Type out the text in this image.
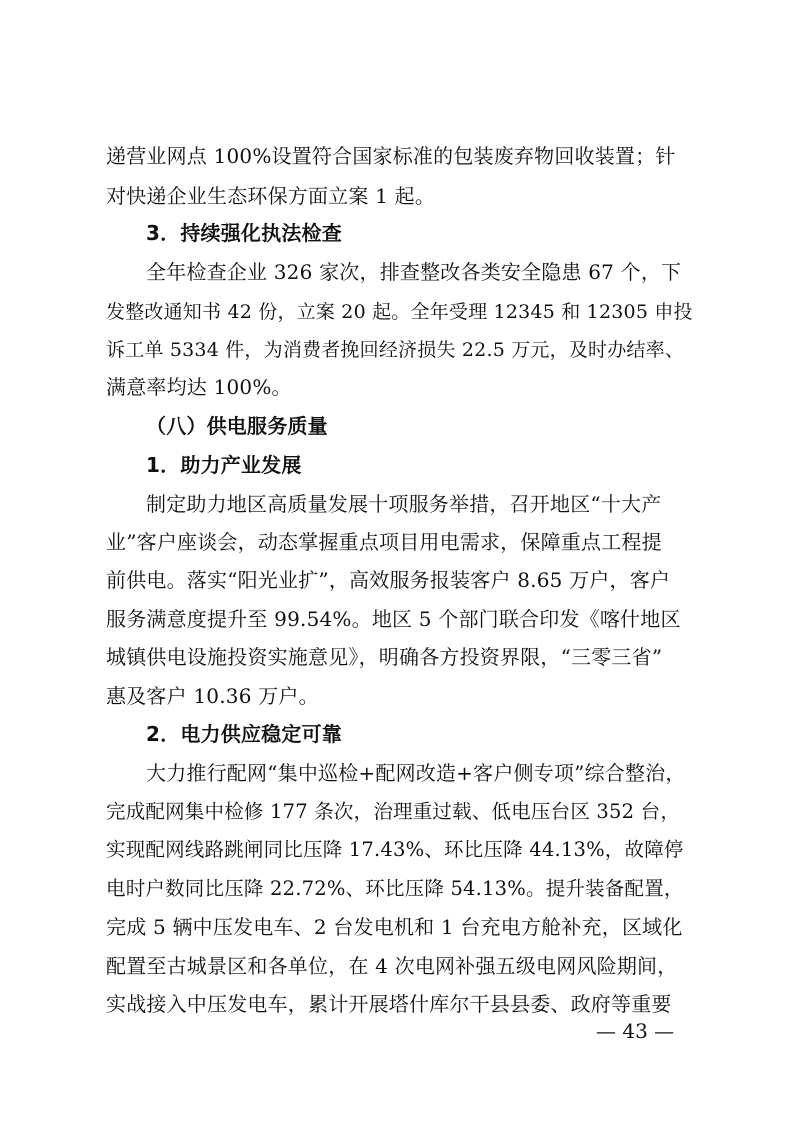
递营业网点 100%设置符合国家标准的包装废弃物回收装置；针
对快递企业生态环保方面立案 1 起。
3．持续强化执法检查
全年检查企业 326 家次，排查整改各类安全隐患 67 个，下
发整改通知书 42 份，立案 20 起。全年受理 12345 和 12305 申投
诉工单 5334 件，为消费者挽回经济损失 22.5 万元，及时办结率、
满意率均达 100%。
（八）供电服务质量
1．助力产业发展
制定助力地区高质量发展十项服务举措，召开地区“十大产
业”客户座谈会，动态掌握重点项目用电需求，保障重点工程提
前供电。落实“阳光业扩”，高效服务报装客户 8.65 万户，客户
服务满意度提升至 99.54%。地区 5 个部门联合印发《喀什地区
城镇供电设施投资实施意见》，明确各方投资界限，“三零三省”
惠及客户 10.36 万户。
2．电力供应稳定可靠
大力推行配网“集中巡检+配网改造+客户侧专项”综合整治，
完成配网集中检修 177 条次，治理重过载、低电压台区 352 台，
实现配网线路跳闸同比压降 17.43%、环比压降 44.13%，故障停
电时户数同比压降 22.72%、环比压降 54.13%。提升装备配置，
完成 5 辆中压发电车、2 台发电机和 1 台充电方舱补充，区域化
配置至古城景区和各单位，在 4 次电网补强五级电网风险期间，
实战接入中压发电车，累计开展塔什库尔干县县委、政府等重要
— 43 —
